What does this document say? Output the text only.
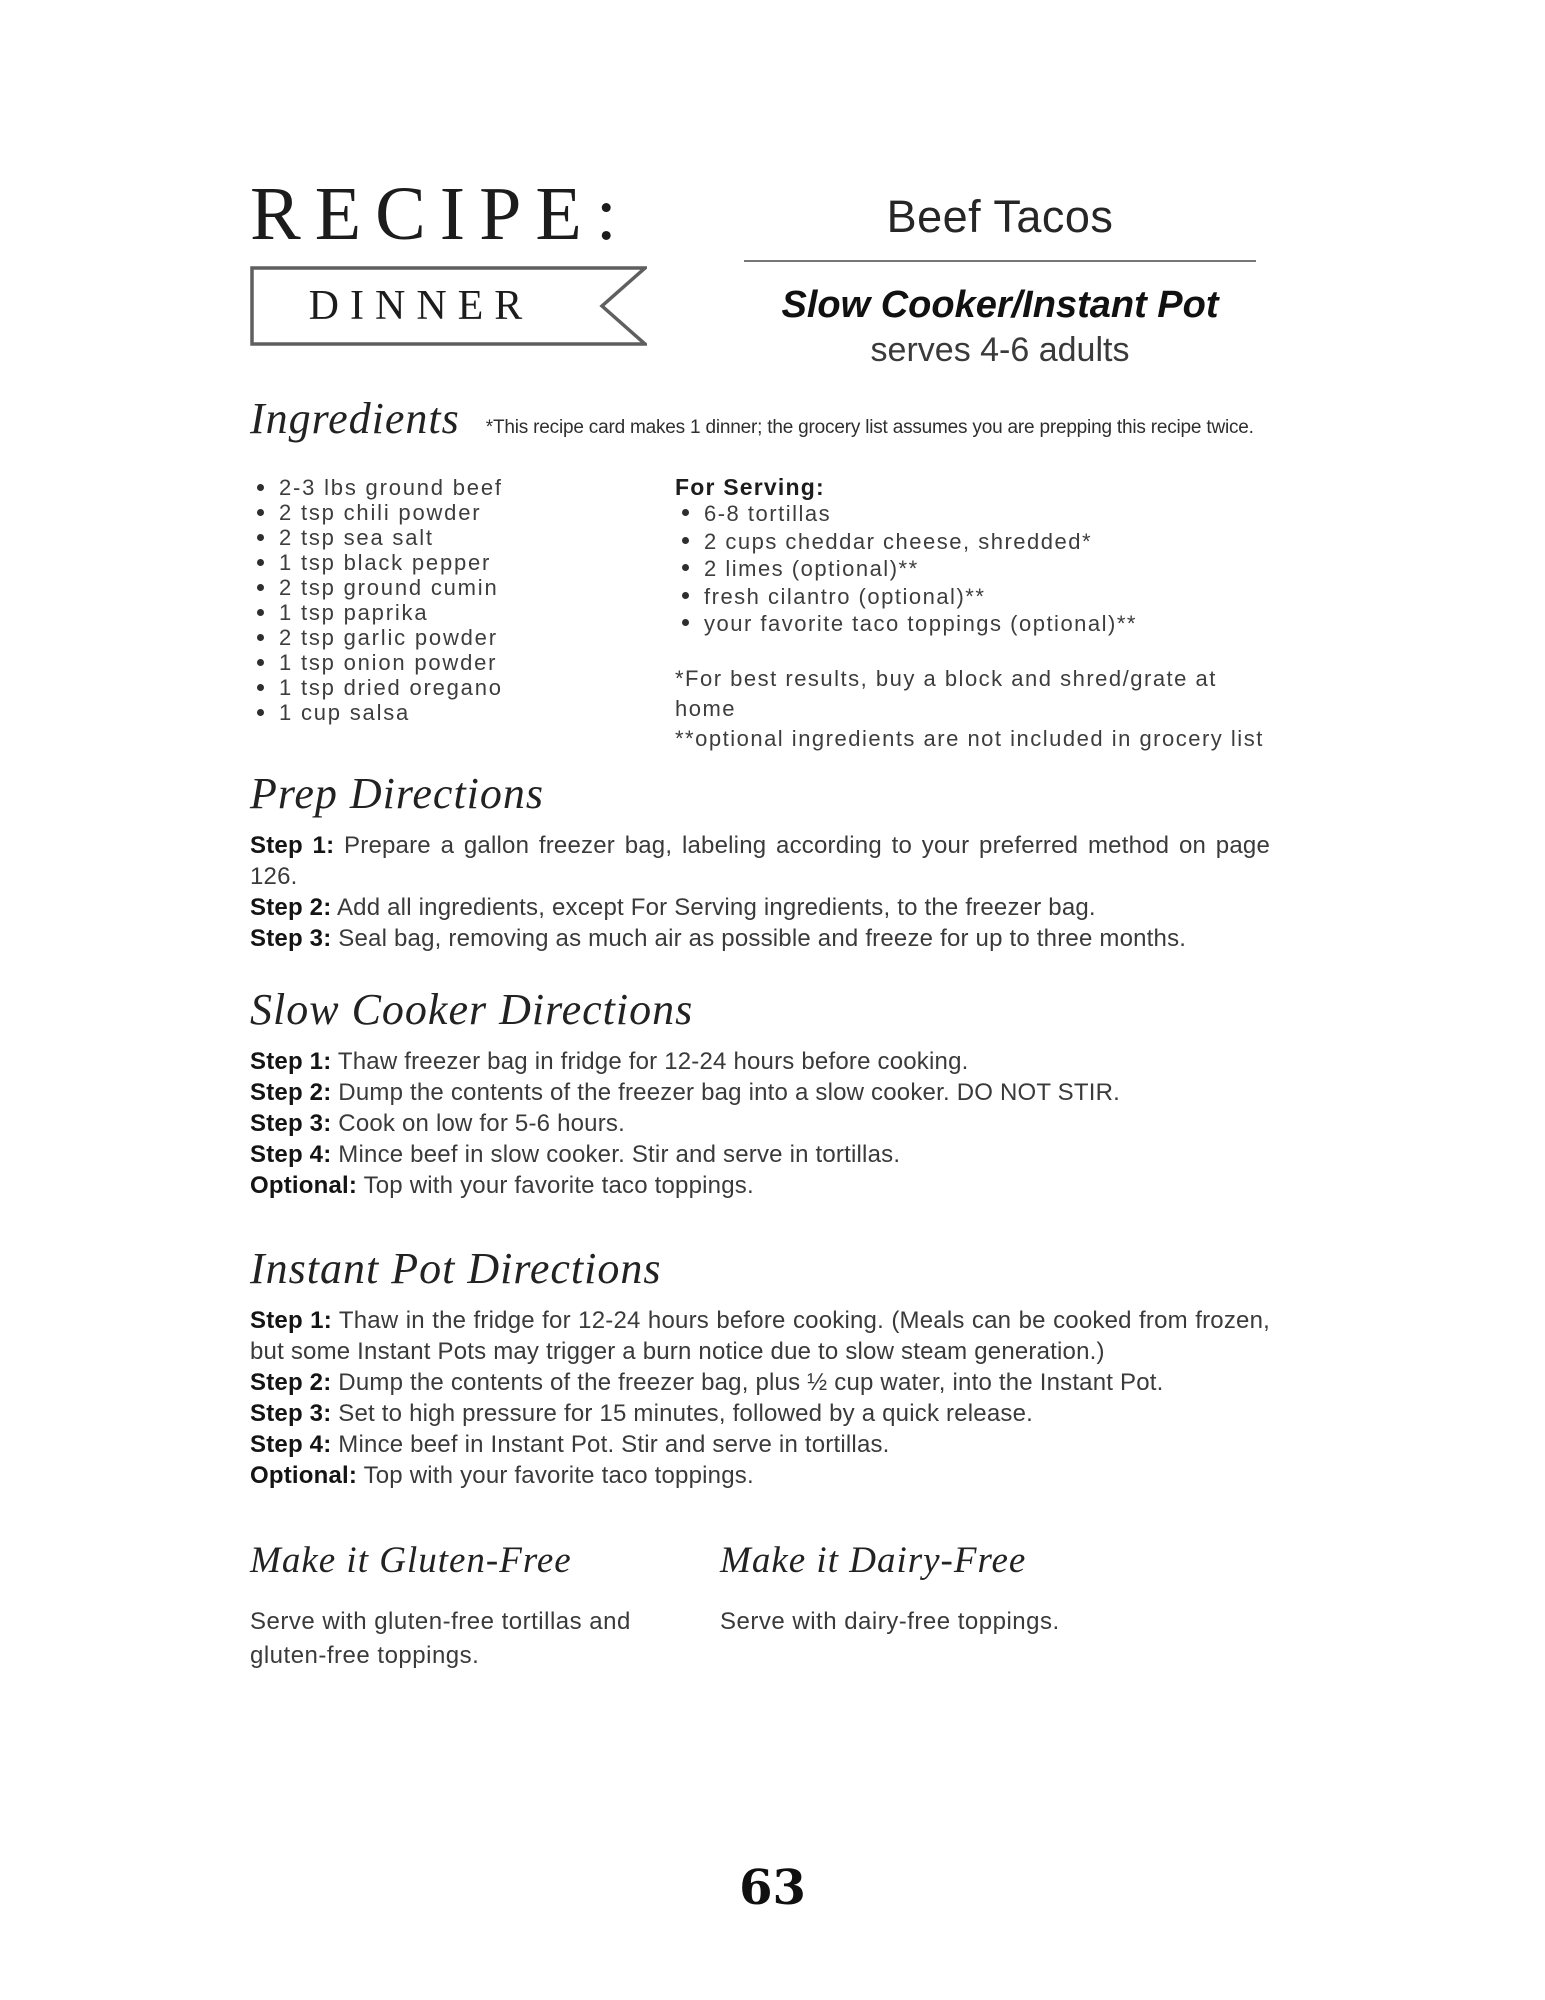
RECIPE:
DINNER
Beef Tacos
Slow Cooker/Instant Pot
serves 4-6 adults
Ingredients *This recipe card makes 1 dinner; the grocery list assumes you are prepping this recipe twice.
2-3 lbs ground beef
2 tsp chili powder
2 tsp sea salt
1 tsp black pepper
2 tsp ground cumin
1 tsp paprika
2 tsp garlic powder
1 tsp onion powder
1 tsp dried oregano
1 cup salsa
For Serving:
6-8 tortillas
2 cups cheddar cheese, shredded*
2 limes (optional)**
fresh cilantro (optional)**
your favorite taco toppings (optional)**
*For best results, buy a block and shred/grate at home
**optional ingredients are not included in grocery list
Prep Directions

Step 1: Prepare a gallon freezer bag, labeling according to your preferred method on page 126.

Step 2: Add all ingredients, except For Serving ingredients, to the freezer bag.

Step 3: Seal bag, removing as much air as possible and freeze for up to three months.

Slow Cooker Directions

Step 1: Thaw freezer bag in fridge for 12-24 hours before cooking.

Step 2: Dump the contents of the freezer bag into a slow cooker. DO NOT STIR.

Step 3: Cook on low for 5-6 hours.

Step 4: Mince beef in slow cooker. Stir and serve in tortillas.

Optional: Top with your favorite taco toppings.

Instant Pot Directions

Step 1: Thaw in the fridge for 12-24 hours before cooking. (Meals can be cooked from frozen, but some Instant Pots may trigger a burn notice due to slow steam generation.)

Step 2: Dump the contents of the freezer bag, plus ½ cup water, into the Instant Pot.

Step 3: Set to high pressure for 15 minutes, followed by a quick release.

Step 4: Mince beef in Instant Pot. Stir and serve in tortillas.

Optional: Top with your favorite taco toppings.

Make it Gluten-Free
Serve with gluten-free tortillas and gluten-free toppings.
Make it Dairy-Free
Serve with dairy-free toppings.
63
